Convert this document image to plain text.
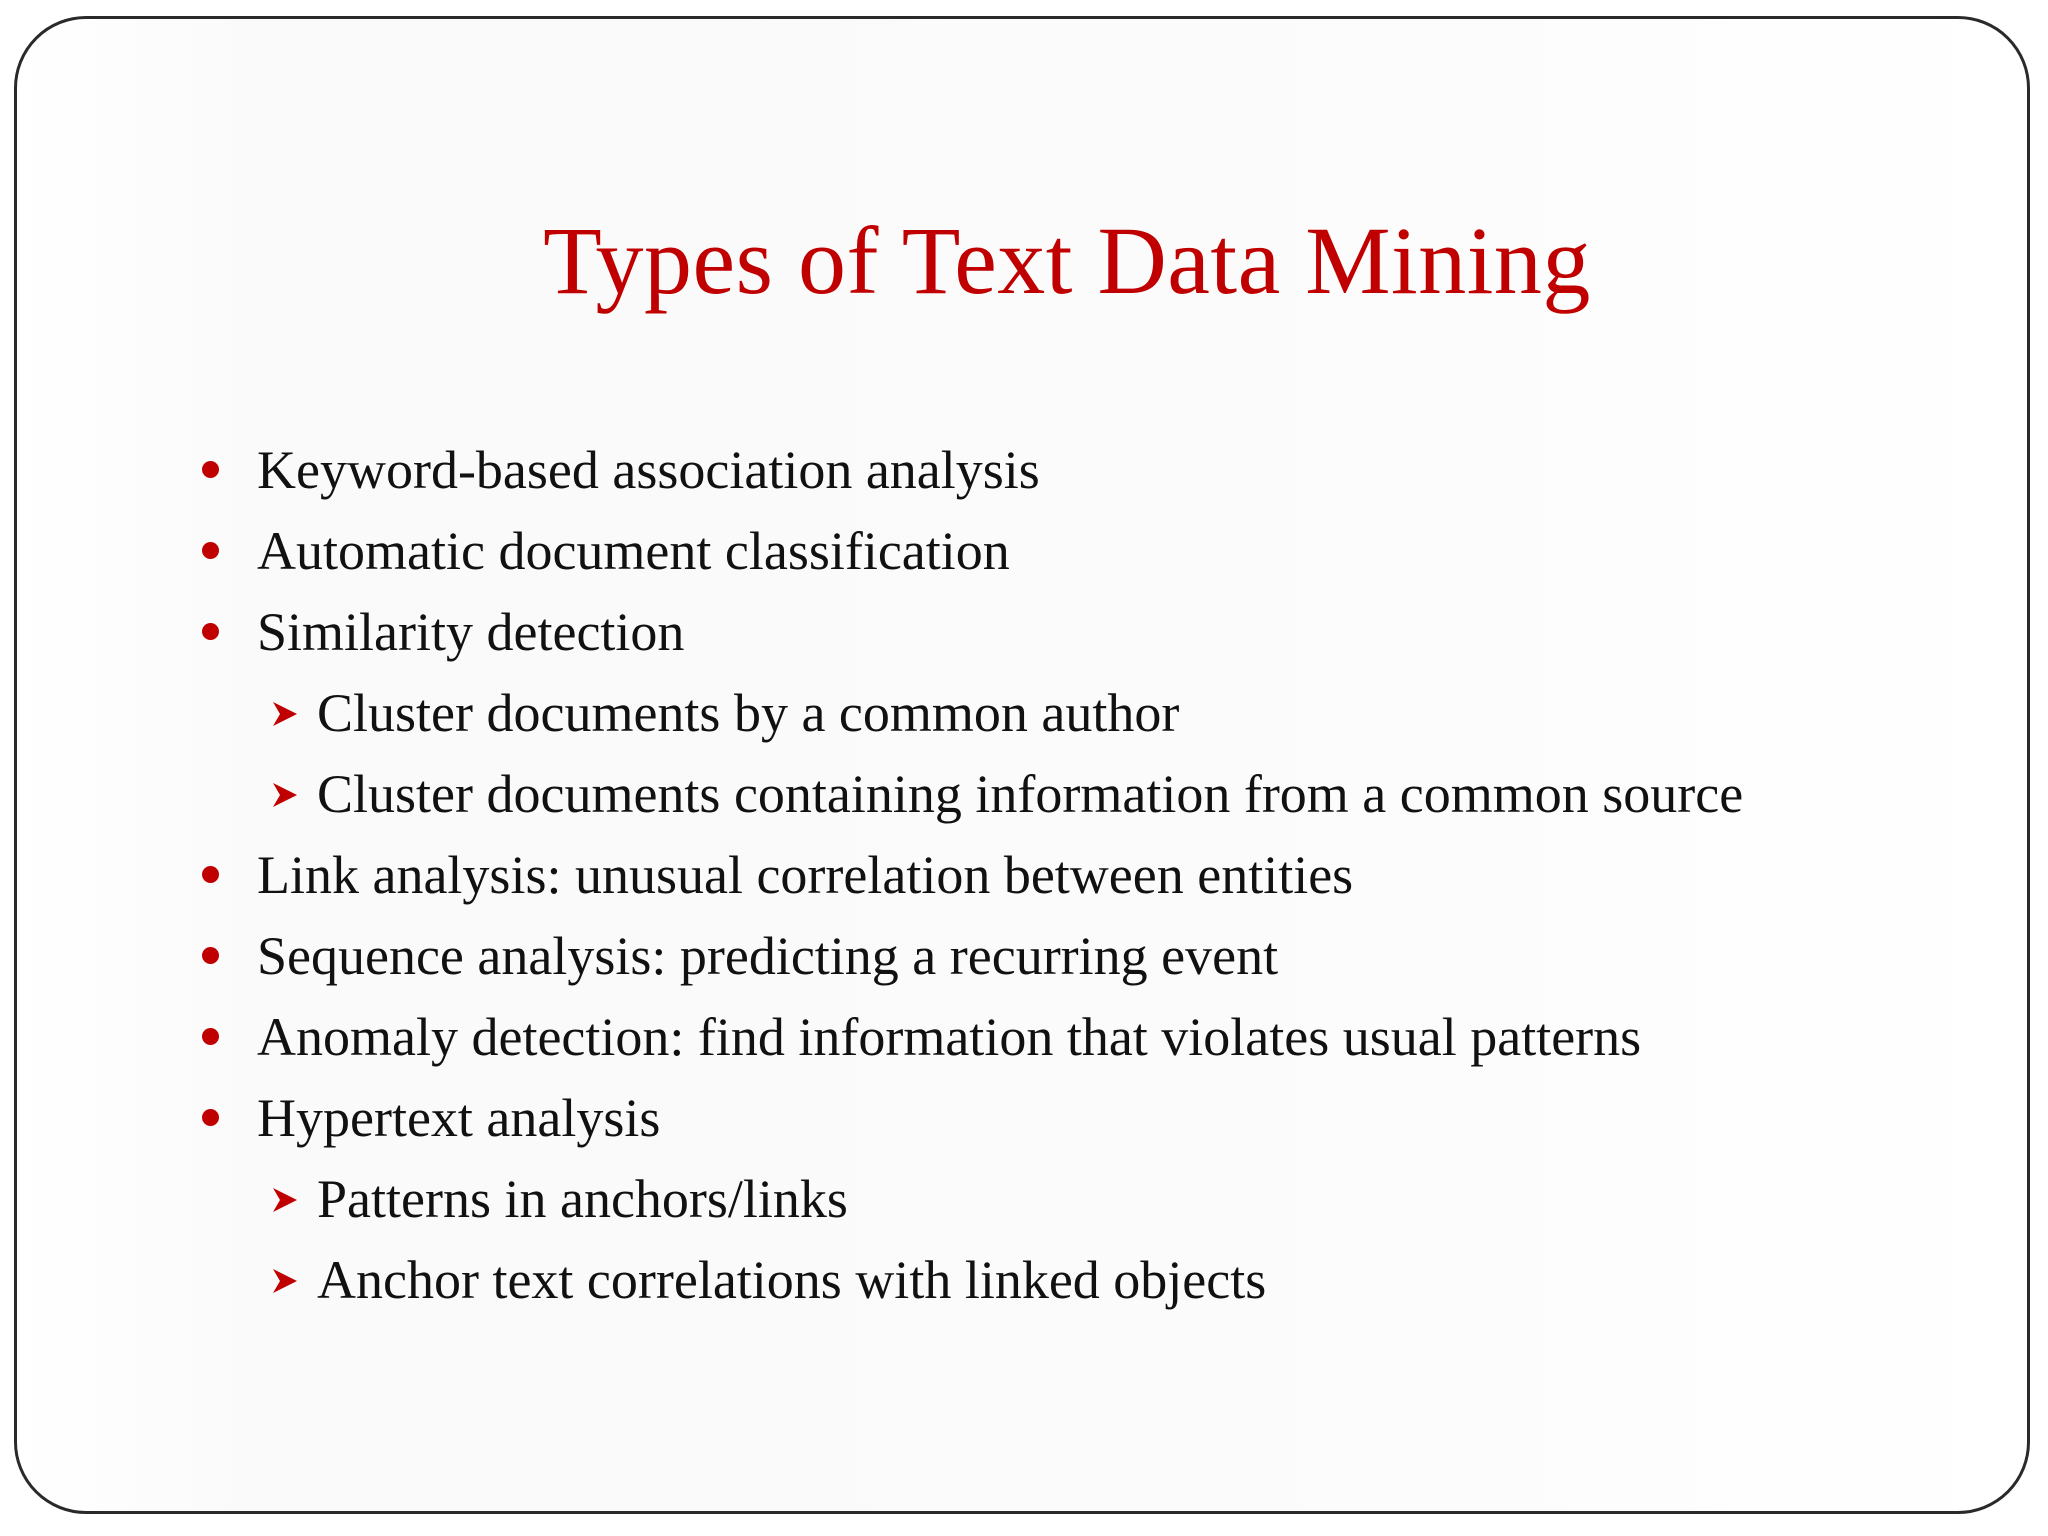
Types of Text Data Mining
Keyword-based association analysis
Automatic document classification
Similarity detection
Cluster documents by a common author
Cluster documents containing information from a common source
Link analysis: unusual correlation between entities
Sequence analysis: predicting a recurring event
Anomaly detection: find information that violates usual patterns
Hypertext analysis
Patterns in anchors/links
Anchor text correlations with linked objects
